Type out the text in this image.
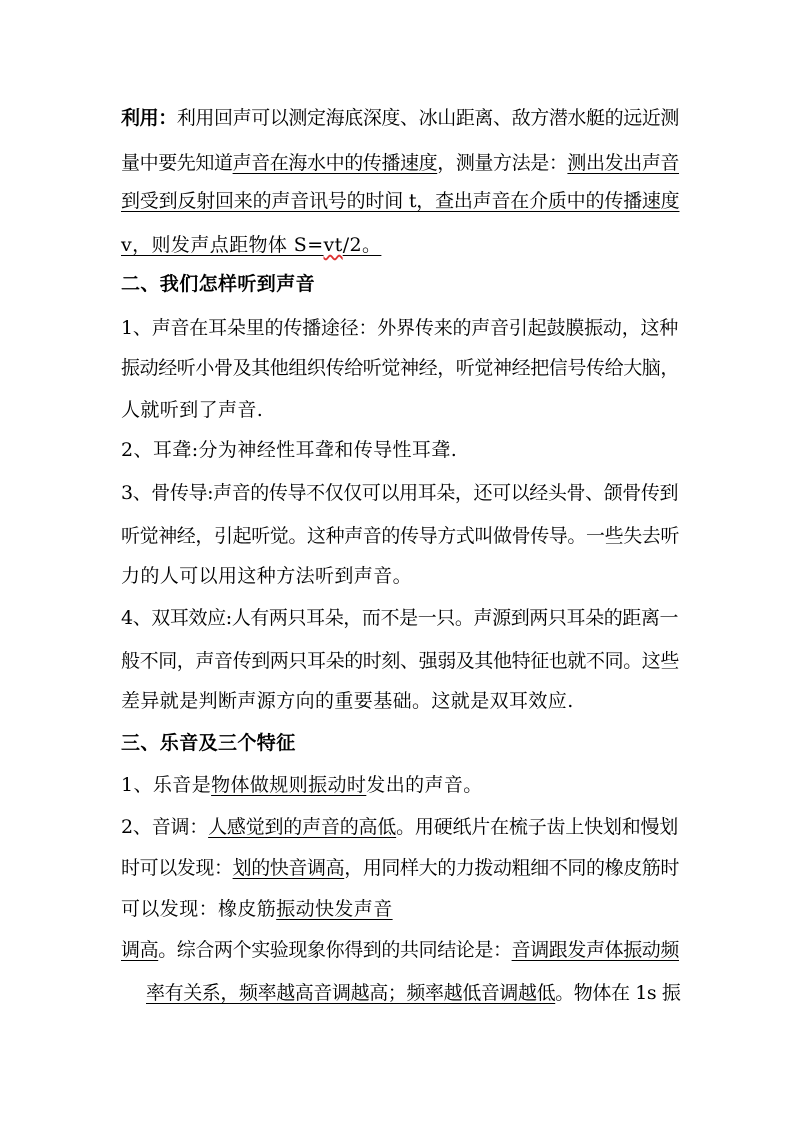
利用：利用回声可以测定海底深度、冰山距离、敌方潜水艇的远近测
量中要先知道声音在海水中的传播速度，测量方法是：测出发出声音
到受到反射回来的声音讯号的时间 t，查出声音在介质中的传播速度
v，则发声点距物体 S=vt/2。
二、我们怎样听到声音
1、声音在耳朵里的传播途径：外界传来的声音引起鼓膜振动，这种
振动经听小骨及其他组织传给听觉神经，听觉神经把信号传给大脑，
人就听到了声音.
2、耳聋:分为神经性耳聋和传导性耳聋.
3、骨传导:声音的传导不仅仅可以用耳朵，还可以经头骨、颌骨传到
听觉神经，引起听觉。这种声音的传导方式叫做骨传导。一些失去听
力的人可以用这种方法听到声音。
4、双耳效应:人有两只耳朵，而不是一只。声源到两只耳朵的距离一
般不同，声音传到两只耳朵的时刻、强弱及其他特征也就不同。这些
差异就是判断声源方向的重要基础。这就是双耳效应.
三、乐音及三个特征
1、乐音是物体做规则振动时发出的声音。
2、音调：人感觉到的声音的高低。用硬纸片在梳子齿上快划和慢划
时可以发现：划的快音调高，用同样大的力拨动粗细不同的橡皮筋时
可以发现：橡皮筋振动快发声音
调高。综合两个实验现象你得到的共同结论是：音调跟发声体振动频
率有关系，频率越高音调越高；频率越低音调越低。物体在 1s 振
